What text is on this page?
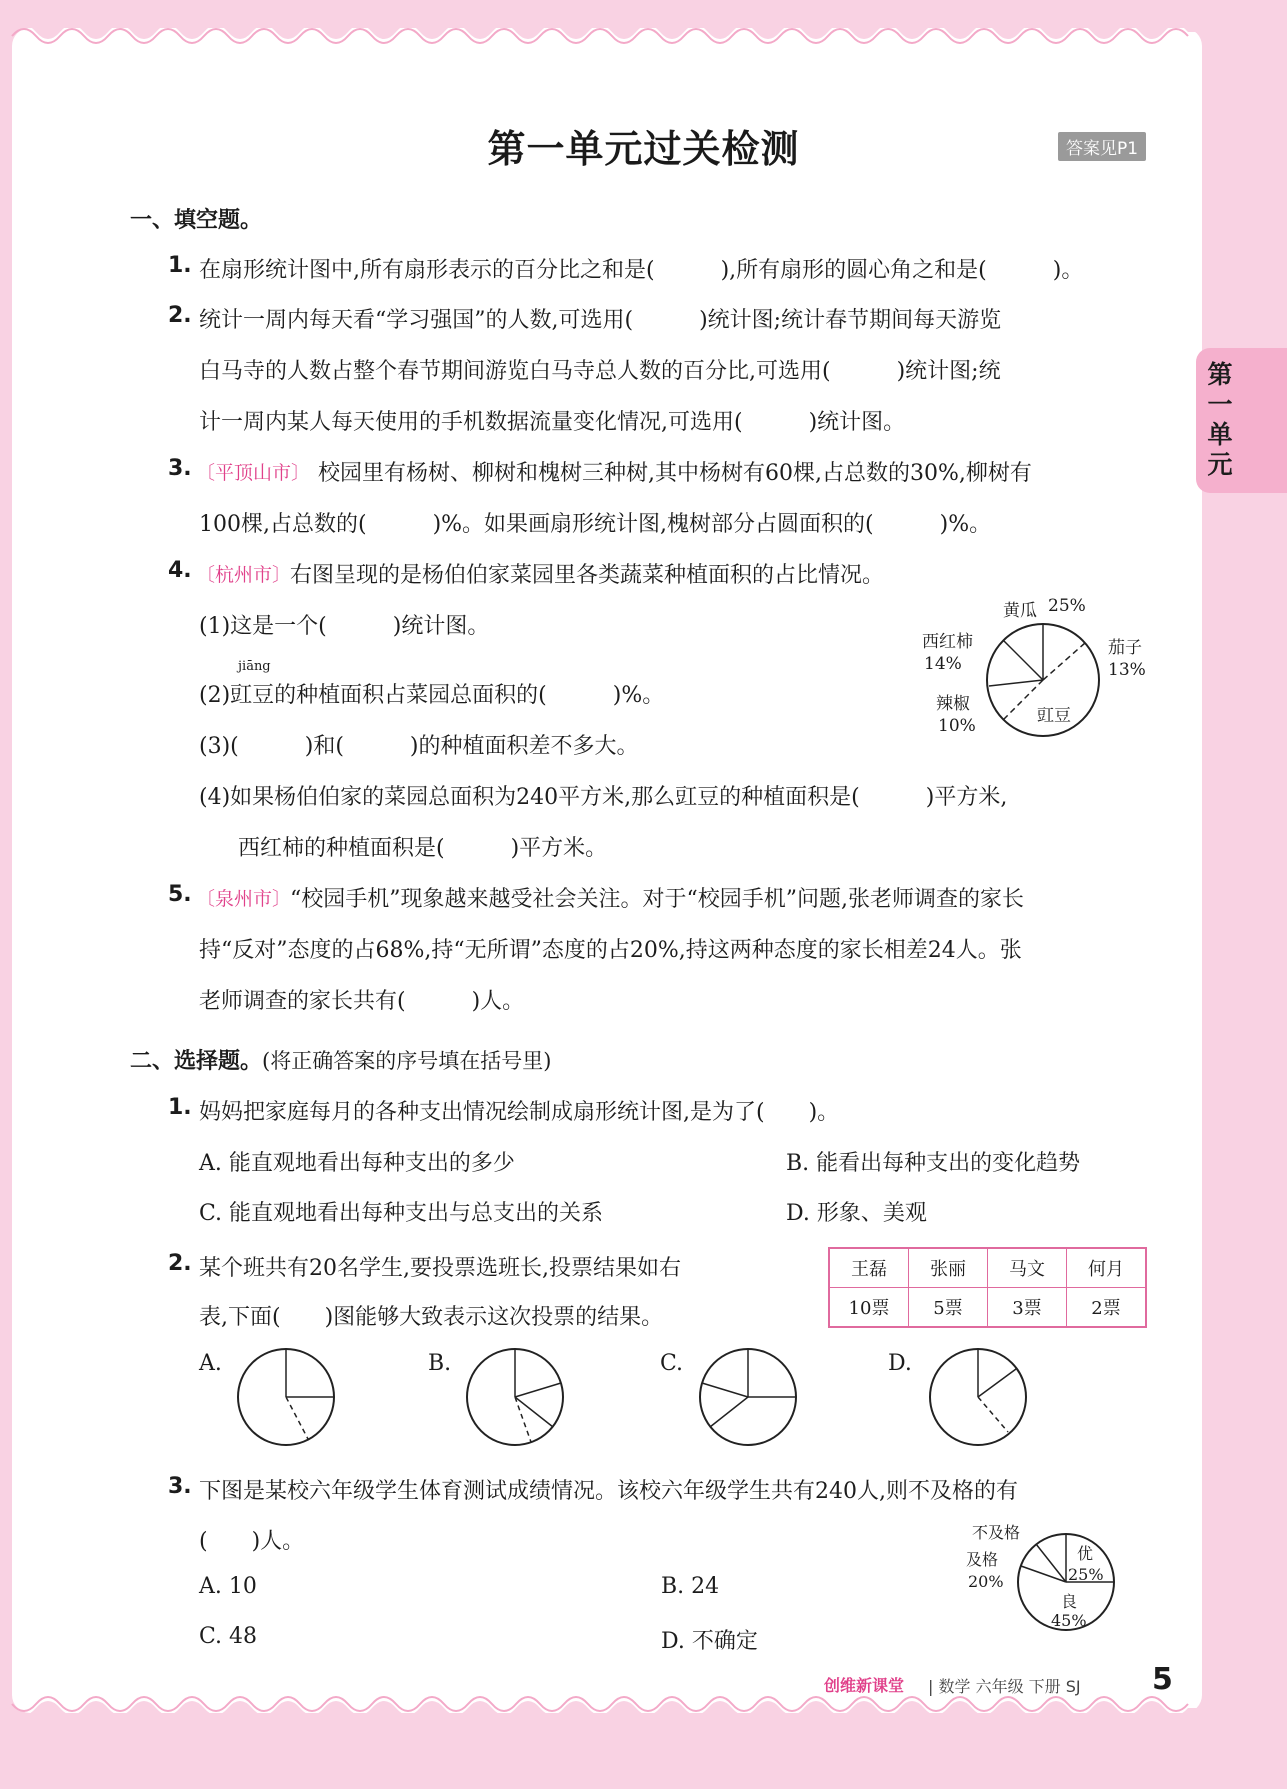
第一单元过关检测	答案见P1
第一单元
一、填空题。
1. 在扇形统计图中,所有扇形表示的百分比之和是(　　　),所有扇形的圆心角之和是(　　　)。
2. 统计一周内每天看“学习强国”的人数,可选用(　　　)统计图;统计春节期间每天游览
白马寺的人数占整个春节期间游览白马寺总人数的百分比,可选用(　　　)统计图;统
计一周内某人每天使用的手机数据流量变化情况,可选用(　　　)统计图。
3. 〔平顶山市〕 校园里有杨树、柳树和槐树三种树,其中杨树有60棵,占总数的30%,柳树有
100棵,占总数的(　　　)%。如果画扇形统计图,槐树部分占圆面积的(　　　)%。
4. 〔杭州市〕
右图呈现的是杨伯伯家菜园里各类蔬菜种植面积的占比情况。
(1)这是一个(　　　)统计图。
jiāng
(2)豇豆的种植面积占菜园总面积的(　　　)%。
(3)(　　　)和(　　　)的种植面积差不多大。
(4)如果杨伯伯家的菜园总面积为240平方米,那么豇豆的种植面积是(　　　)平方米,
西红柿的种植面积是(　　　)平方米。
黄瓜 25%
茄子
13%
西红柿
14%
辣椒
10%	豇豆
5. 〔泉州市〕
“校园手机”现象越来越受社会关注。对于“校园手机”问题,张老师调查的家长
持“反对”态度的占68%,持“无所谓”态度的占20%,持这两种态度的家长相差24人。张
老师调查的家长共有(　　　)人。
二、选择题。(将正确答案的序号填在括号里)
1. 妈妈把家庭每月的各种支出情况绘制成扇形统计图,是为了(　　)。
A. 能直观地看出每种支出的多少	B. 能看出每种支出的变化趋势
C. 能直观地看出每种支出与总支出的关系	D. 形象、美观
2. 某个班共有20名学生,要投票选班长,投票结果如右
表,下面(　　)图能够大致表示这次投票的结果。
王磊	张丽	马文	何月
10票	5票	3票	2票
A.	B.	C.	D.
3. 下图是某校六年级学生体育测试成绩情况。该校六年级学生共有240人,则不及格的有
(　　)人。
A. 10	B. 24
C. 48	D. 不确定
不及格
及格
20%
优
25%
良
45%
创维新课堂 | 数学 六年级 下册 SJ 5
